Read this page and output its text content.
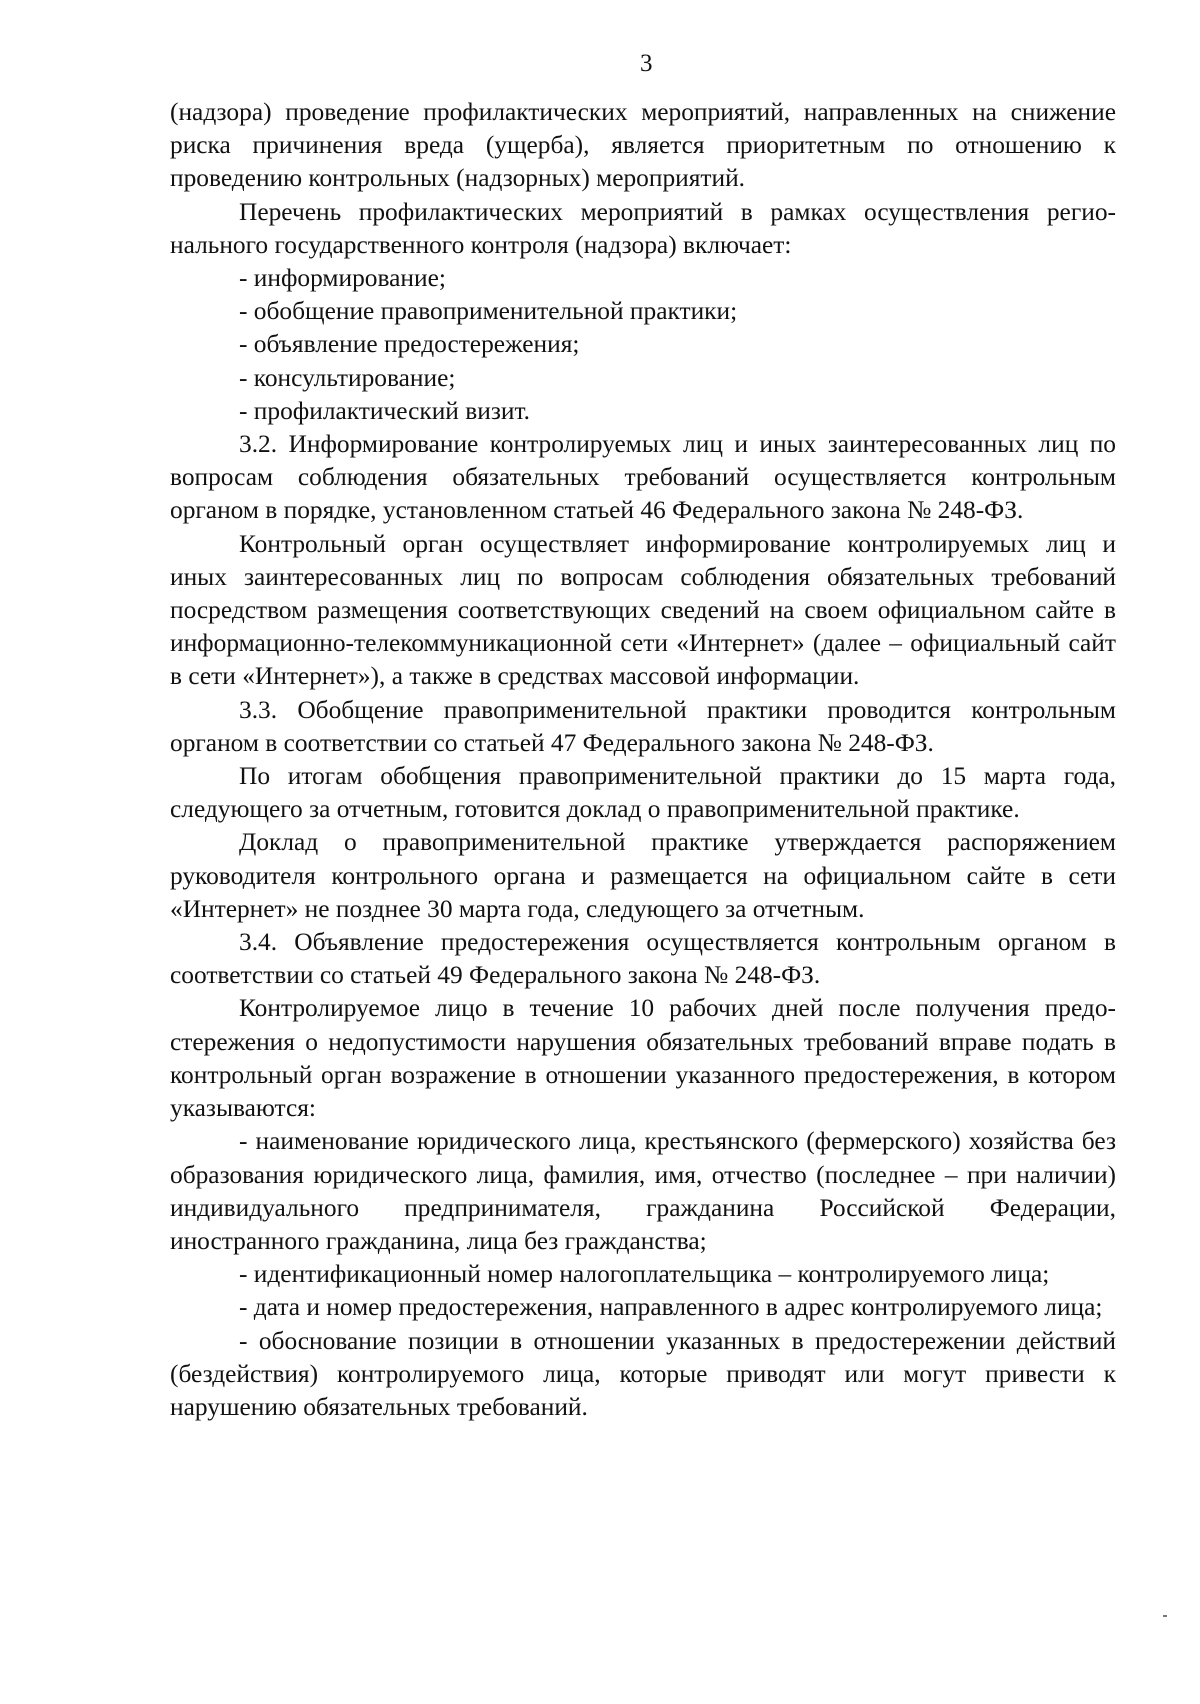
3

(надзора) проведение профилактических мероприятий, направленных на снижение риска причинения вреда (ущерба), является приоритетным по отношению к проведению контрольных (надзорных) мероприятий.

Перечень профилактических мероприятий в рамках осуществления регионального государственного контроля (надзора) включает:

- информирование;

- обобщение правоприменительной практики;

- объявление предостережения;

- консультирование;

- профилактический визит.

3.2. Информирование контролируемых лиц и иных заинтересованных лиц по вопросам соблюдения обязательных требований осуществляется контрольным органом в порядке, установленном статьей 46 Федерального закона № 248-ФЗ.

Контрольный орган осуществляет информирование контролируемых лиц и иных заинтересованных лиц по вопросам соблюдения обязательных требований посредством размещения соответствующих сведений на своем официальном сайте в информационно-телекоммуникационной сети «Интернет» (далее – официальный сайт в сети «Интернет»), а также в средствах массовой информации.

3.3. Обобщение правоприменительной практики проводится контрольным органом в соответствии со статьей 47 Федерального закона № 248-ФЗ.

По итогам обобщения правоприменительной практики до 15 марта года, следующего за отчетным, готовится доклад о правоприменительной практике.

Доклад о правоприменительной практике утверждается распоряжением руководителя контрольного органа и размещается на официальном сайте в сети «Интернет» не позднее 30 марта года, следующего за отчетным.

3.4. Объявление предостережения осуществляется контрольным органом в соответствии со статьей 49 Федерального закона № 248-ФЗ.

Контролируемое лицо в течение 10 рабочих дней после получения предостережения о недопустимости нарушения обязательных требований вправе подать в контрольный орган возражение в отношении указанного предостережения, в котором указываются:

- наименование юридического лица, крестьянского (фермерского) хозяйства без образования юридического лица, фамилия, имя, отчество (последнее – при наличии) индивидуального предпринимателя, гражданина Российской Федерации, иностранного гражданина, лица без гражданства;

- идентификационный номер налогоплательщика – контролируемого лица;

- дата и номер предостережения, направленного в адрес контролируемого лица;

- обоснование позиции в отношении указанных в предостережении действий (бездействия) контролируемого лица, которые приводят или могут привести к нарушению обязательных требований.
